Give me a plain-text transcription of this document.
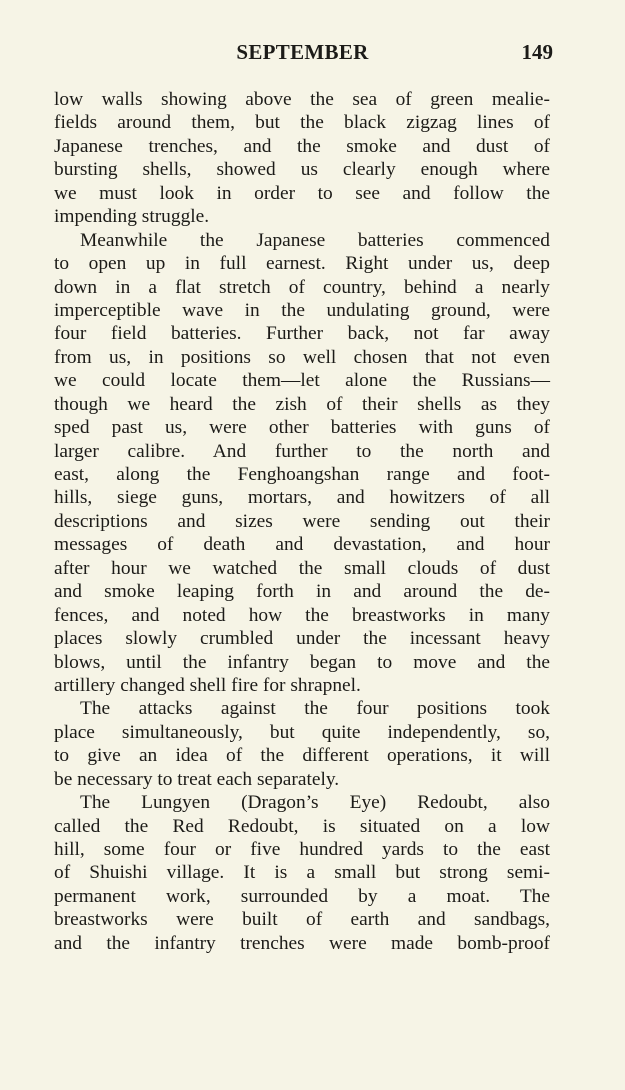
SEPTEMBER	149
low walls showing above the sea of green mealie-
fields around them, but the black zigzag lines of
Japanese trenches, and the smoke and dust of
bursting shells, showed us clearly enough where
we must look in order to see and follow the
impending struggle.
Meanwhile the Japanese batteries commenced
to open up in full earnest. Right under us, deep
down in a flat stretch of country, behind a nearly
imperceptible wave in the undulating ground, were
four field batteries. Further back, not far away
from us, in positions so well chosen that not even
we could locate them—let alone the Russians—
though we heard the zish of their shells as they
sped past us, were other batteries with guns of
larger calibre. And further to the north and
east, along the Fenghoangshan range and foot-
hills, siege guns, mortars, and howitzers of all
descriptions and sizes were sending out their
messages of death and devastation, and hour
after hour we watched the small clouds of dust
and smoke leaping forth in and around the de-
fences, and noted how the breastworks in many
places slowly crumbled under the incessant heavy
blows, until the infantry began to move and the
artillery changed shell fire for shrapnel.
The attacks against the four positions took
place simultaneously, but quite independently, so,
to give an idea of the different operations, it will
be necessary to treat each separately.
The Lungyen (Dragon’s Eye) Redoubt, also
called the Red Redoubt, is situated on a low
hill, some four or five hundred yards to the east
of Shuishi village. It is a small but strong semi-
permanent work, surrounded by a moat. The
breastworks were built of earth and sandbags,
and the infantry trenches were made bomb-proof
